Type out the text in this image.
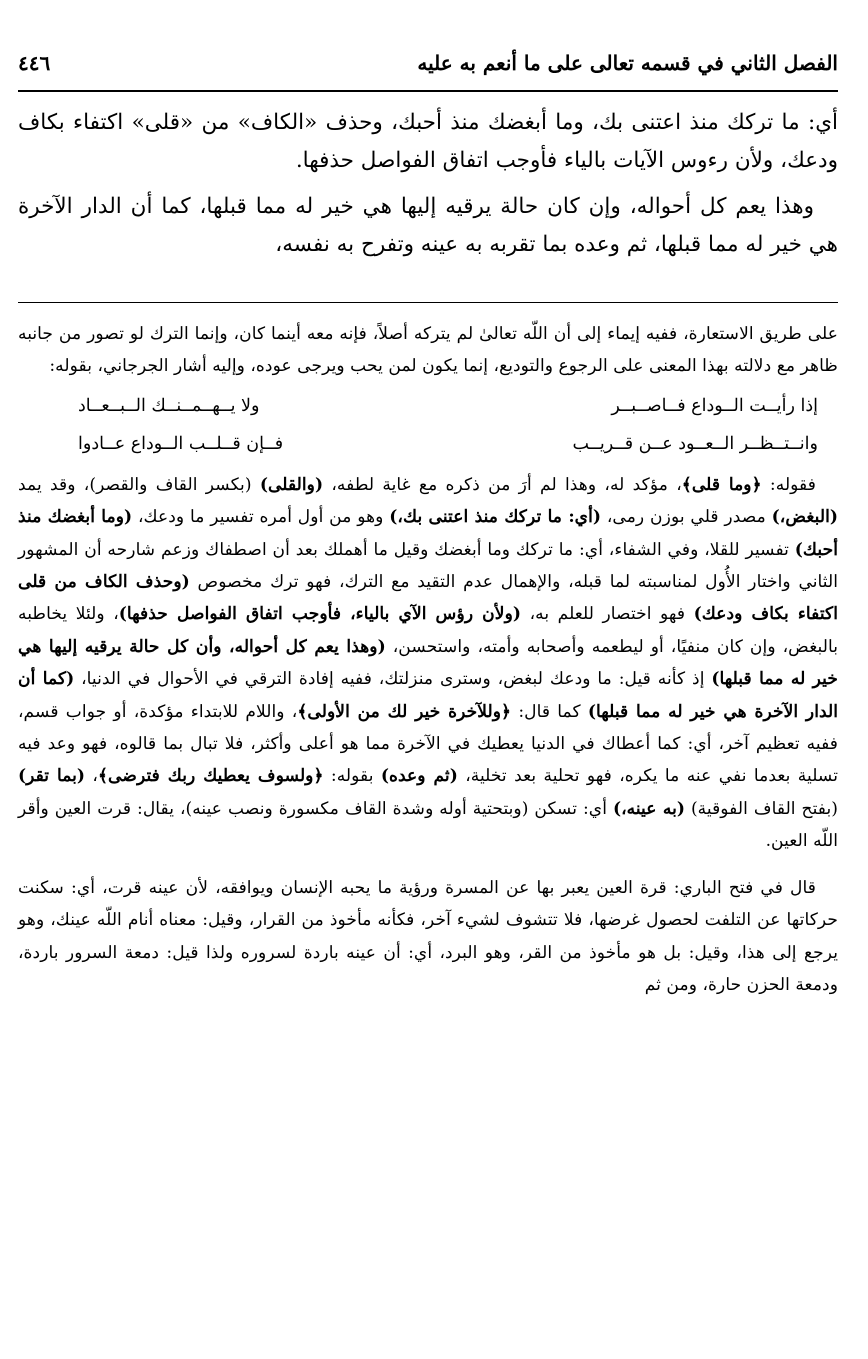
الفصل الثاني في قسمه تعالى على ما أنعم به عليه
٤٤٦

أي: ما تركك منذ اعتنى بك، وما أبغضك منذ أحبك، وحذف «الكاف» من «قلى» اكتفاء بكاف ودعك، ولأن رءوس الآيات بالياء فأوجب اتفاق الفواصل حذفها.

وهذا يعم كل أحواله، وإن كان حالة يرقيه إليها هي خير له مما قبلها، كما أن الدار الآخرة هي خير له مما قبلها، ثم وعده بما تقربه به عينه وتفرح به نفسه،

على طريق الاستعارة، ففيه إيماء إلى أن اللّه تعالىٰ لم يتركه أصلاً، فإنه معه أينما كان، وإنما الترك لو تصور من جانبه ظاهر مع دلالته بهذا المعنى على الرجوع والتوديع، إنما يكون لمن يحب ويرجى عوده، وإليه أشار الجرجاني، بقوله:

إذا رأيــت الــوداع فــاصــبــر
ولا يــهــمــنــك الــبــعــاد
وانــتــظــر الــعــود عــن قــريــب
فــإن قــلــب الــوداع عــادوا

فقوله: ﴿وما قلى﴾، مؤكد له، وهذا لم أرَ من ذكره مع غاية لطفه، (والقلى) (بكسر القاف والقصر)، وقد يمد (البغض،) مصدر قلي بوزن رمى، (أي: ما تركك منذ اعتنى بك،) وهو من أول أمره تفسير ما ودعك، (وما أبغضك منذ أحبك) تفسير للقلا، وفي الشفاء، أي: ما تركك وما أبغضك وقيل ما أهملك بعد أن اصطفاك وزعم شارحه أن المشهور الثاني واختار الأُول لمناسبته لما قبله، والإهمال عدم التقيد مع الترك، فهو ترك مخصوص (وحذف الكاف من قلى اكتفاء بكاف ودعك) فهو اختصار للعلم به، (ولأن رؤس الآي بالياء، فأوجب اتفاق الفواصل حذفها)، ولئلا يخاطبه بالبغض، وإن كان منفيًا، أو ليطعمه وأصحابه وأمته، واستحسن، (وهذا يعم كل أحواله، وأن كل حالة يرقيه إليها هي خير له مما قبلها) إذ كأنه قيل: ما ودعك لبغض، وسترى منزلتك، ففيه إفادة الترقي في الأحوال في الدنيا، (كما أن الدار الآخرة هي خير له مما قبلها) كما قال: ﴿وللآخرة خير لك من الأولى﴾، واللام للابتداء مؤكدة، أو جواب قسم، ففيه تعظيم آخر، أي: كما أعطاك في الدنيا يعطيك في الآخرة مما هو أعلى وأكثر، فلا تبال بما قالوه، فهو وعد فيه تسلية بعدما نفي عنه ما يكره، فهو تحلية بعد تخلية، (ثم وعده) بقوله: ﴿ولسوف يعطيك ربك فترضى﴾، (بما تقر) (بفتح القاف الفوقية) (به عينه،) أي: تسكن (وبتحتية أوله وشدة القاف مكسورة ونصب عينه)، يقال: قرت العين وأقر اللّه العين.

قال في فتح الباري: قرة العين يعبر بها عن المسرة ورؤية ما يحبه الإنسان ويوافقه، لأن عينه قرت، أي: سكنت حركاتها عن التلفت لحصول غرضها، فلا تتشوف لشيء آخر، فكأنه مأخوذ من القرار، وقيل: معناه أنام اللّه عينك، وهو يرجع إلى هذا، وقيل: بل هو مأخوذ من القر، وهو البرد، أي: أن عينه باردة لسروره ولذا قيل: دمعة السرور باردة، ودمعة الحزن حارة، ومن ثم
